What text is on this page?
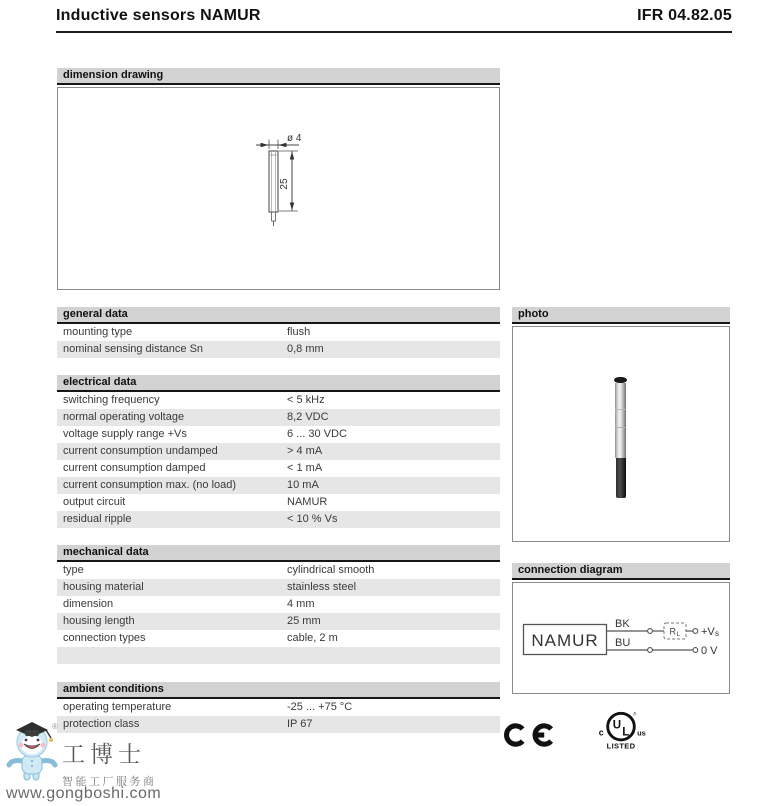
Inductive sensors NAMUR	IFR 04.82.05
dimension drawing
ø 4
25
general data
mounting type	flush
nominal sensing distance Sn	0,8 mm
electrical data
switching frequency	< 5 kHz
normal operating voltage	8,2 VDC
voltage supply range +Vs	6 ... 30 VDC
current consumption undamped	> 4 mA
current consumption damped	< 1 mA
current consumption max. (no load)	10 mA
output circuit	NAMUR
residual ripple	< 10 % Vs
mechanical data
type	cylindrical smooth
housing material	stainless steel
dimension	4 mm
housing length	25 mm
connection types	cable, 2 m
ambient conditions
operating temperature	-25 ... +75 °C
protection class	IP 67
photo
connection diagram
NAMUR	R L +V s
0 V
BK
BU
U
L
®
c	us
LISTED
®
工博士
智能工厂服务商
www.gongboshi.com
